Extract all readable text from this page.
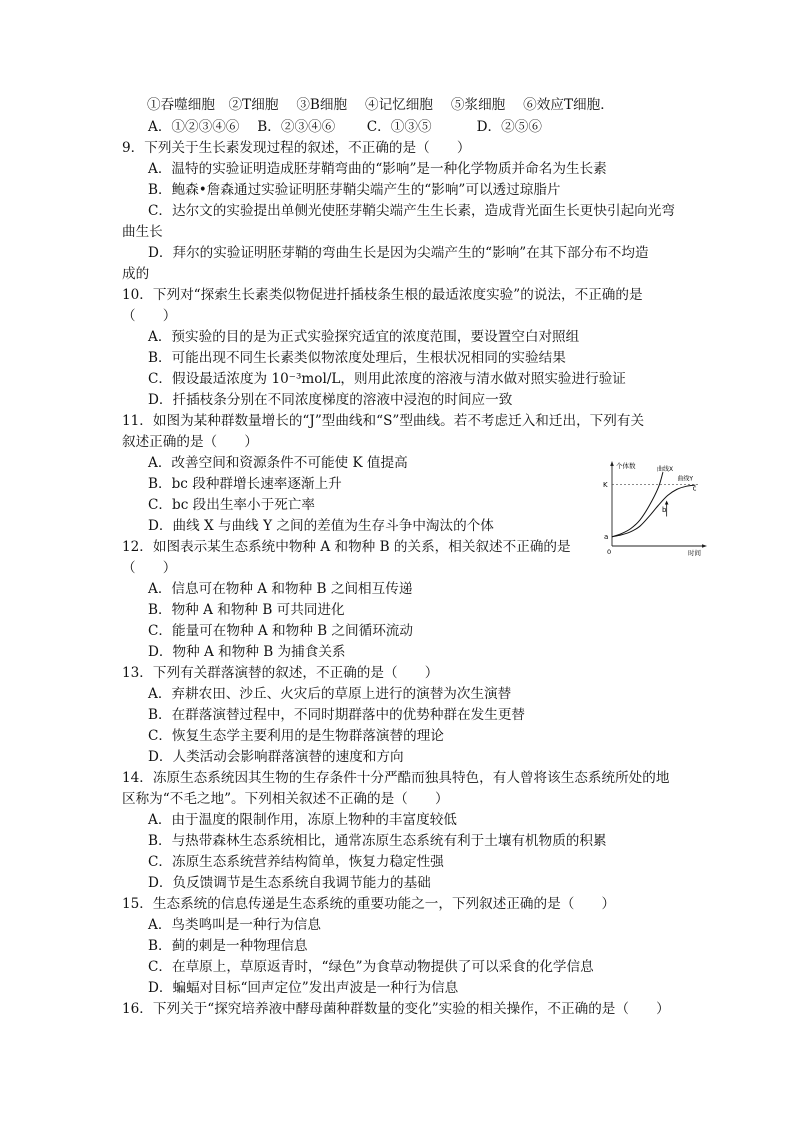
①吞噬细胞　②T细胞　 ③B细胞　 ④记忆细胞　 ⑤浆细胞　 ⑥效应T细胞．
A．①②③④⑥　 B．②③④⑥　　 C．①③⑤　　　 D．②⑤⑥
9．下列关于生长素发现过程的叙述，不正确的是（　　）
A．温特的实验证明造成胚芽鞘弯曲的“影响”是一种化学物质并命名为生长素
B．鲍森•詹森通过实验证明胚芽鞘尖端产生的“影响”可以透过琼脂片
C．达尔文的实验提出单侧光使胚芽鞘尖端产生生长素，造成背光面生长更快引起向光弯
曲生长
D．拜尔的实验证明胚芽鞘的弯曲生长是因为尖端产生的“影响”在其下部分布不均造
成的
10．下列对“探索生长素类似物促进扦插枝条生根的最适浓度实验”的说法，不正确的是
（　　）
A．预实验的目的是为正式实验探究适宜的浓度范围，要设置空白对照组
B．可能出现不同生长素类似物浓度处理后，生根状况相同的实验结果
C．假设最适浓度为 10⁻³mol/L，则用此浓度的溶液与清水做对照实验进行验证
D．扦插枝条分别在不同浓度梯度的溶液中浸泡的时间应一致
11．如图为某种群数量增长的“J”型曲线和“S”型曲线。若不考虑迁入和迁出，下列有关
叙述正确的是（　　）
A．改善空间和资源条件不可能使 K 值提高
B．bc 段种群增长速率逐渐上升
C．bc 段出生率小于死亡率
D．曲线 X 与曲线 Y 之间的差值为生存斗争中淘汰的个体
个体数
时间
0
K
曲线X
曲线Y
a
b
c
12．如图表示某生态系统中物种 A 和物种 B 的关系，相关叙述不正确的是
（　　）
A．信息可在物种 A 和物种 B 之间相互传递
B．物种 A 和物种 B 可共同进化
C．能量可在物种 A 和物种 B 之间循环流动
D．物种 A 和物种 B 为捕食关系
13．下列有关群落演替的叙述，不正确的是（　　）
A．弃耕农田、沙丘、火灾后的草原上进行的演替为次生演替
B．在群落演替过程中，不同时期群落中的优势种群在发生更替
C．恢复生态学主要利用的是生物群落演替的理论
D．人类活动会影响群落演替的速度和方向
14．冻原生态系统因其生物的生存条件十分严酷而独具特色，有人曾将该生态系统所处的地
区称为“不毛之地”。下列相关叙述不正确的是（　　）
A．由于温度的限制作用，冻原上物种的丰富度较低
B．与热带森林生态系统相比，通常冻原生态系统有利于土壤有机物质的积累
C．冻原生态系统营养结构简单，恢复力稳定性强
D．负反馈调节是生态系统自我调节能力的基础
15．生态系统的信息传递是生态系统的重要功能之一，下列叙述正确的是（　　）
A．鸟类鸣叫是一种行为信息
B．蓟的刺是一种物理信息
C．在草原上，草原返青时，“绿色”为食草动物提供了可以采食的化学信息
D．蝙蝠对目标“回声定位”发出声波是一种行为信息
16．下列关于“探究培养液中酵母菌种群数量的变化”实验的相关操作，不正确的是（　　）
